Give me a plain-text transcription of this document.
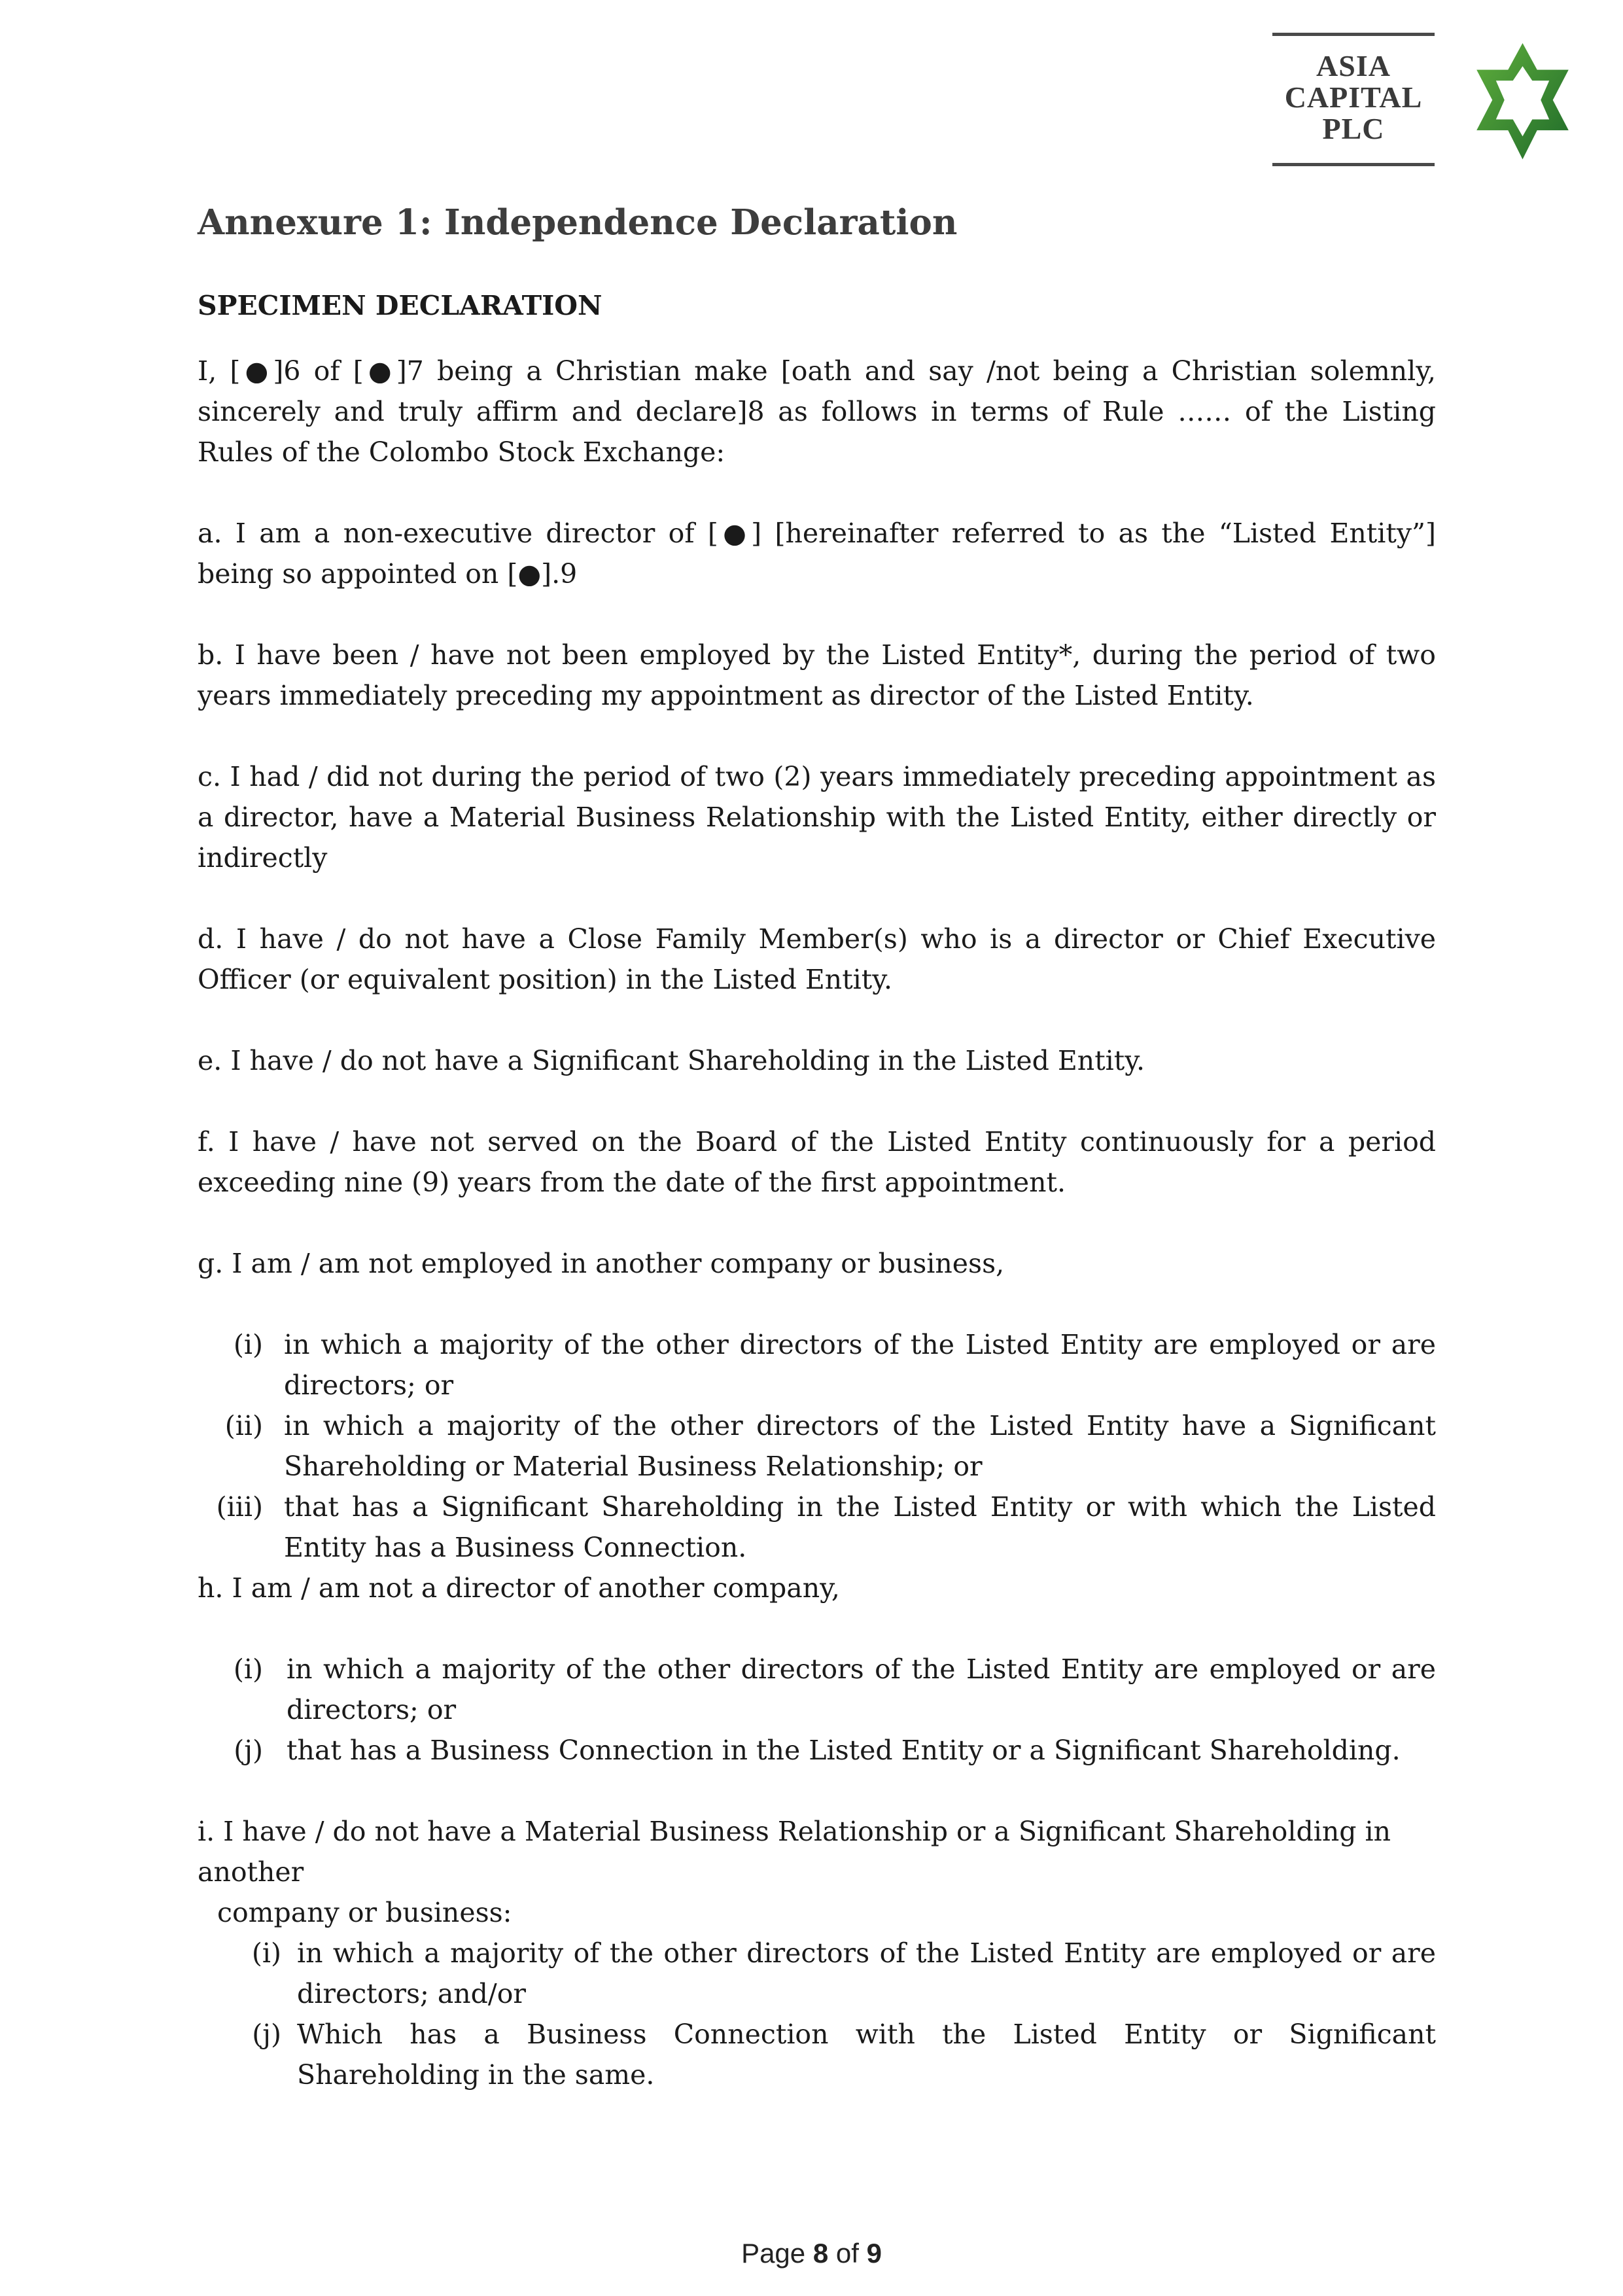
ASIA
CAPITAL
PLC
Annexure 1: Independence Declaration
SPECIMEN DECLARATION

I, [●]6 of [●]7 being a Christian make [oath and say /not being a Christian solemnly, sincerely and truly affirm and declare]8 as follows in terms of Rule …… of the Listing Rules of the Colombo Stock Exchange:

a. I am a non-executive director of [●] [hereinafter referred to as the “Listed Entity”] being so appointed on [●].9

b. I have been / have not been employed by the Listed Entity*, during the period of two years immediately preceding my appointment as director of the Listed Entity.

c. I had / did not during the period of two (2) years immediately preceding appointment as a director, have a Material Business Relationship with the Listed Entity, either directly or indirectly

d. I have / do not have a Close Family Member(s) who is a director or Chief Executive Officer (or equivalent position) in the Listed Entity.

e. I have / do not have a Significant Shareholding in the Listed Entity.

f. I have / have not served on the Board of the Listed Entity continuously for a period exceeding nine (9) years from the date of the first appointment.

g. I am / am not employed in another company or business,

(i) in which a majority of the other directors of the Listed Entity are employed or are directors; or
(ii) in which a majority of the other directors of the Listed Entity have a Significant Shareholding or Material Business Relationship; or
(iii) that has a Significant Shareholding in the Listed Entity or with which the Listed Entity has a Business Connection.

h. I am / am not a director of another company,

(i) in which a majority of the other directors of the Listed Entity are employed or are directors; or
(j) that has a Business Connection in the Listed Entity or a Significant Shareholding.
i. I have / do not have a Material Business Relationship or a Significant Shareholding in another
company or business:
(i) in which a majority of the other directors of the Listed Entity are employed or are directors; and/or
(j) Which has a Business Connection with the Listed Entity or Significant Shareholding in the same.
Page 8 of 9
